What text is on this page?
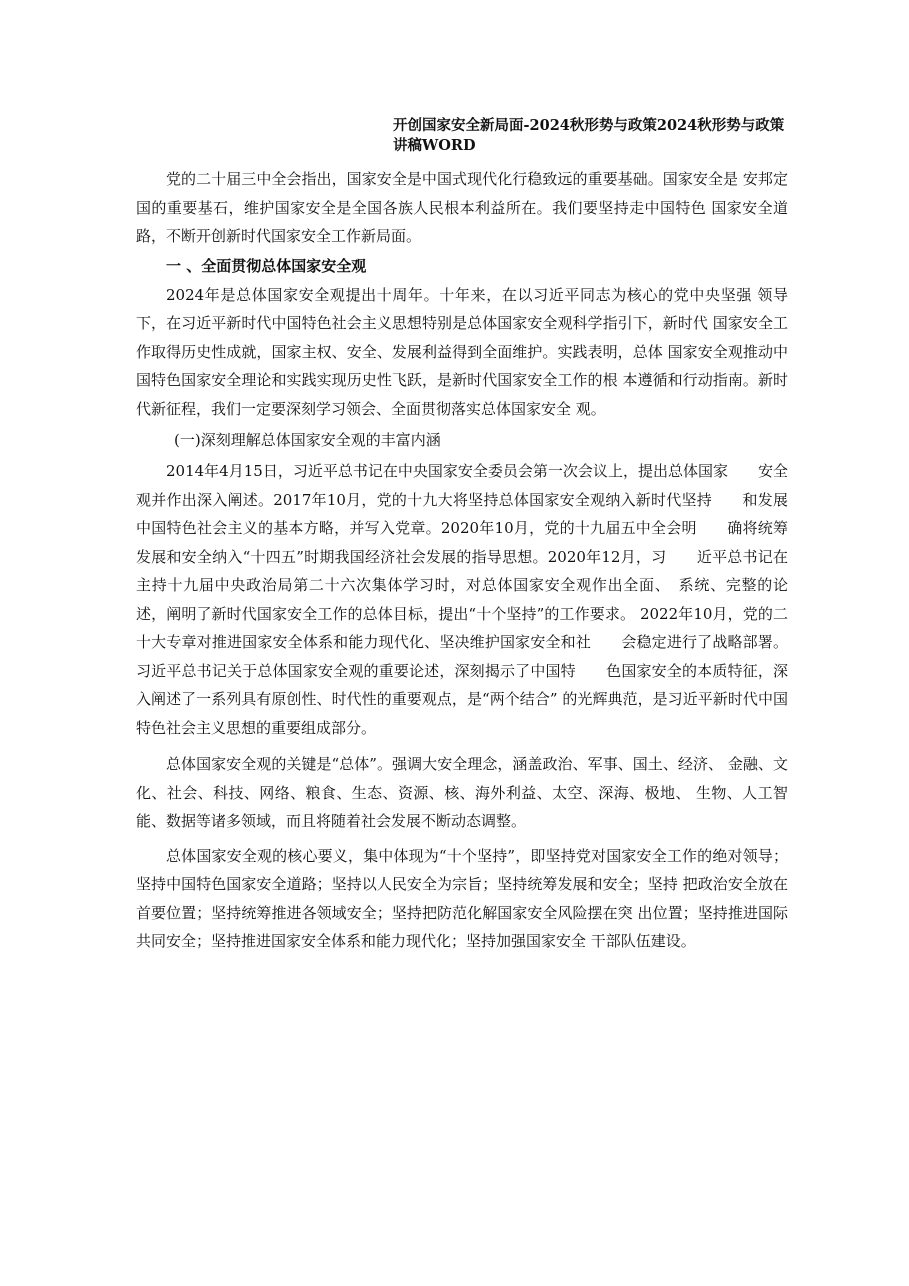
开创国家安全新局面-2024秋形势与政策2024秋形势与政策讲稿WORD

党的二十届三中全会指出，国家安全是中国式现代化行稳致远的重要基础。国家安全是 安邦定国的重要基石，维护国家安全是全国各族人民根本利益所在。我们要坚持走中国特色 国家安全道路，不断开创新时代国家安全工作新局面。

一 、全面贯彻总体国家安全观

2024年是总体国家安全观提出十周年。十年来，在以习近平同志为核心的党中央坚强 领导下，在习近平新时代中国特色社会主义思想特别是总体国家安全观科学指引下，新时代 国家安全工作取得历史性成就，国家主权、安全、发展利益得到全面维护。实践表明，总体 国家安全观推动中国特色国家安全理论和实践实现历史性飞跃，是新时代国家安全工作的根 本遵循和行动指南。新时代新征程，我们一定要深刻学习领会、全面贯彻落实总体国家安全 观。

(一)深刻理解总体国家安全观的丰富内涵

2014年4月15日，习近平总书记在中央国家安全委员会第一次会议上，提出总体国家　　安全观并作出深入阐述。2017年10月，党的十九大将坚持总体国家安全观纳入新时代坚持　　和发展中国特色社会主义的基本方略，并写入党章。2020年10月，党的十九届五中全会明　　确将统筹发展和安全纳入“十四五”时期我国经济社会发展的指导思想。2020年12月，习　　近平总书记在主持十九届中央政治局第二十六次集体学习时，对总体国家安全观作出全面、　系统、完整的论述，阐明了新时代国家安全工作的总体目标，提出“十个坚持”的工作要求。 2022年10月，党的二十大专章对推进国家安全体系和能力现代化、坚决维护国家安全和社　　会稳定进行了战略部署。习近平总书记关于总体国家安全观的重要论述，深刻揭示了中国特　　色国家安全的本质特征，深入阐述了一系列具有原创性、时代性的重要观点，是“两个结合” 的光辉典范，是习近平新时代中国特色社会主义思想的重要组成部分。

总体国家安全观的关键是“总体”。强调大安全理念，涵盖政治、军事、国土、经济、 金融、文化、社会、科技、网络、粮食、生态、资源、核、海外利益、太空、深海、极地、 生物、人工智能、数据等诸多领域，而且将随着社会发展不断动态调整。

总体国家安全观的核心要义，集中体现为“十个坚持”，即坚持党对国家安全工作的绝对领导；坚持中国特色国家安全道路；坚持以人民安全为宗旨；坚持统筹发展和安全；坚持 把政治安全放在首要位置；坚持统筹推进各领域安全；坚持把防范化解国家安全风险摆在突 出位置；坚持推进国际共同安全；坚持推进国家安全体系和能力现代化；坚持加强国家安全 干部队伍建设。
